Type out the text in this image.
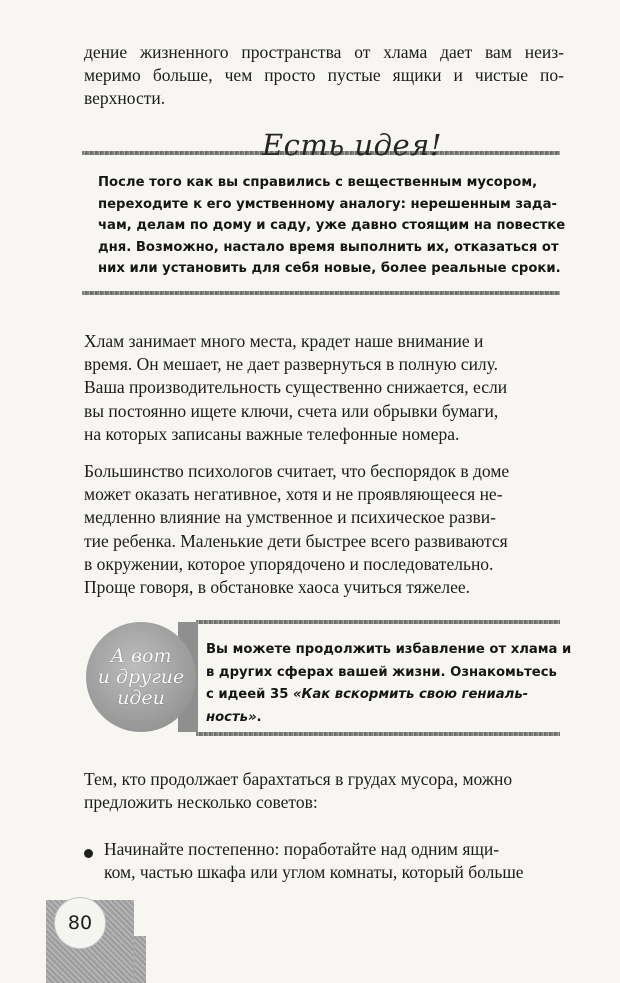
дение жизненного пространства от хлама дает вам неиз-
меримо больше, чем просто пустые ящики и чистые по-
верхности.

Есть идея!

После того как вы справились с вещественным мусором,
переходите к его умственному аналогу: нерешенным зада-
чам, делам по дому и саду, уже давно стоящим на повестке
дня. Возможно, настало время выполнить их, отказаться от
них или установить для себя новые, более реальные сроки.

Хлам занимает много места, крадет наше внимание и
время. Он мешает, не дает развернуться в полную силу.
Ваша производительность существенно снижается, если
вы постоянно ищете ключи, счета или обрывки бумаги,
на которых записаны важные телефонные номера.

Большинство психологов считает, что беспорядок в доме
может оказать негативное, хотя и не проявляющееся не-
медленно влияние на умственное и психическое разви-
тие ребенка. Маленькие дети быстрее всего развиваются
в окружении, которое упорядочено и последовательно.
Проще говоря, в обстановке хаоса учиться тяжелее.

А вот
и другие
идеи

Вы можете продолжить избавление от хлама и
в других сферах вашей жизни. Ознакомьтесь
с идеей 35 «Как вскормить свою гениаль-
ность».

Тем, кто продолжает барахтаться в грудах мусора, можно
предложить несколько советов:

Начинайте постепенно: поработайте над одним ящи-
ком, частью шкафа или углом комнаты, который больше

80
